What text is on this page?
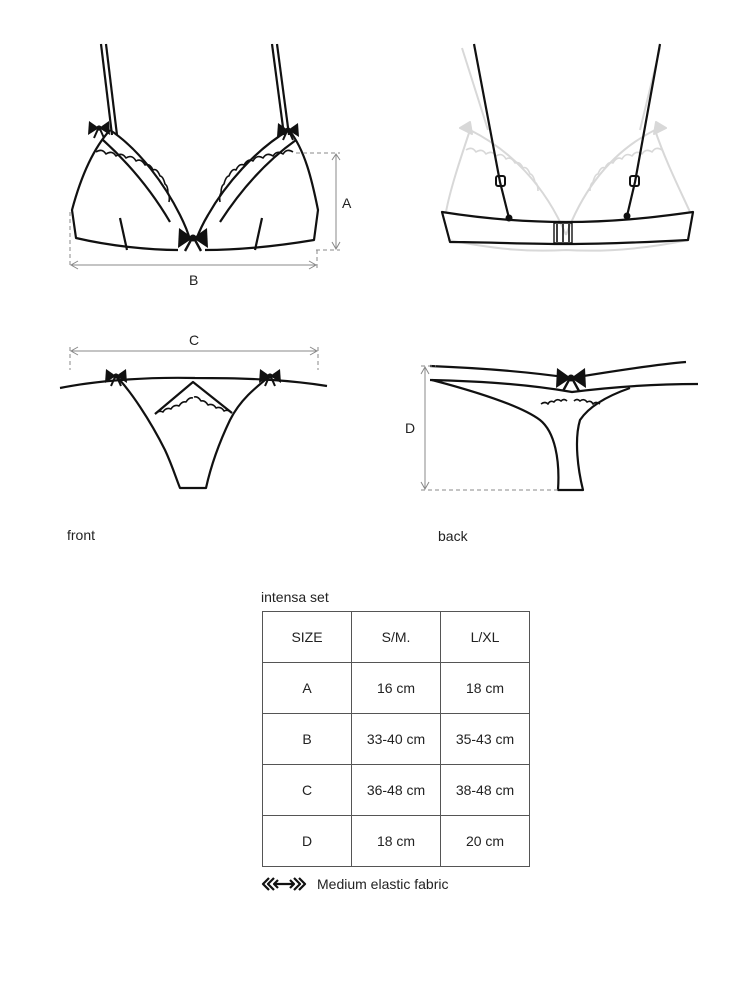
A
B
C
D
front	back
intensa set
SIZE	S/M.	L/XL
A	16 cm	18 cm
B	33-40 cm	35-43 cm
C	36-48 cm	38-48 cm
D	18 cm	20 cm
Medium elastic fabric
